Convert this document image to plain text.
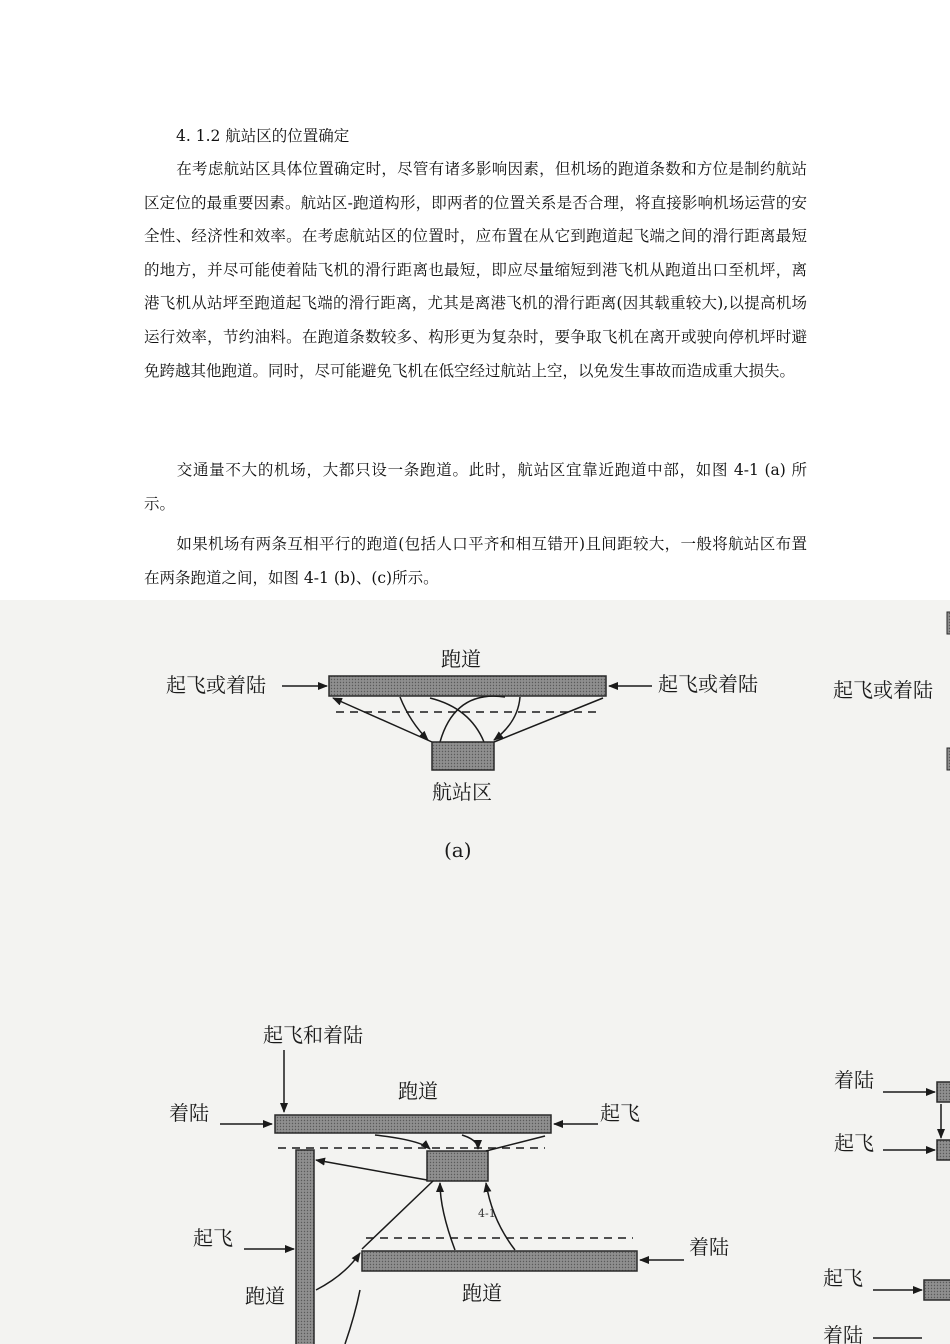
4. 1.2 航站区的位置确定

在考虑航站区具体位置确定时，尽管有诸多影响因素，但机场的跑道条数和方位是制约航站区定位的最重要因素。航站区-跑道构形，即两者的位置关系是否合理，将直接影响机场运营的安全性、经济性和效率。在考虑航站区的位置时，应布置在从它到跑道起飞端之间的滑行距离最短的地方，并尽可能使着陆飞机的滑行距离也最短，即应尽量缩短到港飞机从跑道出口至机坪，离港飞机从站坪至跑道起飞端的滑行距离，尤其是离港飞机的滑行距离(因其载重较大),以提高机场运行效率，节约油料。在跑道条数较多、构形更为复杂时，要争取飞机在离开或驶向停机坪时避免跨越其他跑道。同时，尽可能避免飞机在低空经过航站上空，以免发生事故而造成重大损失。

交通量不大的机场，大都只设一条跑道。此时，航站区宜靠近跑道中部，如图 4-1 (a) 所示。

如果机场有两条互相平行的跑道(包括人口平齐和相互错开)且间距较大，一般将航站区布置在两条跑道之间，如图 4-1 (b)、(c)所示。

跑道
起飞或着陆	起飞或着陆
航站区
(a)
起飞或着陆
着陆
起飞
起飞
着陆
起飞和着陆
跑道
着陆	起飞
跑道
起飞	着陆
跑道
4-1
